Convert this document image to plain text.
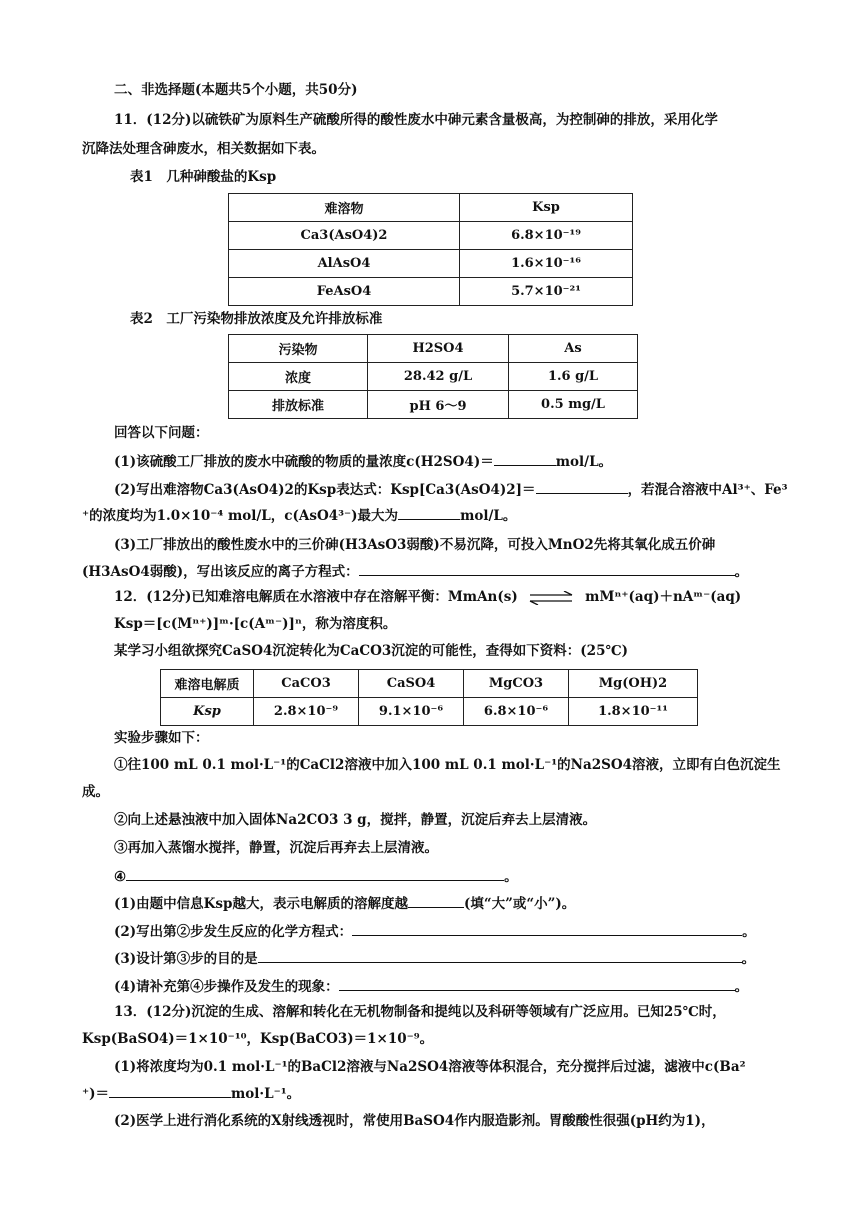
二、非选择题(本题共5个小题，共50分)
11．(12分)以硫铁矿为原料生产硫酸所得的酸性废水中砷元素含量极高，为控制砷的排放，采用化学
沉降法处理含砷废水，相关数据如下表。
表1　几种砷酸盐的Ksp
难溶物	Ksp
Ca3(AsO4)2	6.8×10⁻¹⁹
AlAsO4	1.6×10⁻¹⁶
FeAsO4	5.7×10⁻²¹
表2　工厂污染物排放浓度及允许排放标准
污染物	H2SO4	As
浓度	28.42 g/L	1.6 g/L
排放标准	pH 6～9	0.5 mg/L
回答以下问题：
(1)该硫酸工厂排放的废水中硫酸的物质的量浓度c(H2SO4)＝	mol/L。
(2)写出难溶物Ca3(AsO4)2的Ksp表达式：Ksp[Ca3(AsO4)2]＝	，若混合溶液中Al³⁺、Fe³
⁺的浓度均为1.0×10⁻⁴ mol/L，c(AsO4³⁻)最大为	mol/L。
(3)工厂排放出的酸性废水中的三价砷(H3AsO3弱酸)不易沉降，可投入MnO2先将其氧化成五价砷
(H3AsO4弱酸)，写出该反应的离子方程式：	。
12．(12分)已知难溶电解质在水溶液中存在溶解平衡：MmAn(s) ⇌ mMⁿ⁺(aq)＋nAᵐ⁻(aq)
Ksp＝[c(Mⁿ⁺)]ᵐ·[c(Aᵐ⁻)]ⁿ，称为溶度积。
某学习小组欲探究CaSO4沉淀转化为CaCO3沉淀的可能性，查得如下资料：(25℃)
难溶电解质	CaCO3	CaSO4	MgCO3	Mg(OH)2
Ksp	2.8×10⁻⁹	9.1×10⁻⁶	6.8×10⁻⁶	1.8×10⁻¹¹
实验步骤如下：
①往100 mL 0.1 mol·L⁻¹的CaCl2溶液中加入100 mL 0.1 mol·L⁻¹的Na2SO4溶液，立即有白色沉淀生
成。
②向上述悬浊液中加入固体Na2CO3 3 g，搅拌，静置，沉淀后弃去上层清液。
③再加入蒸馏水搅拌，静置，沉淀后再弃去上层清液。
④	。
(1)由题中信息Ksp越大，表示电解质的溶解度越	(填“大”或“小”)。
(2)写出第②步发生反应的化学方程式：	。
(3)设计第③步的目的是	。
(4)请补充第④步操作及发生的现象：	。
13．(12分)沉淀的生成、溶解和转化在无机物制备和提纯以及科研等领域有广泛应用。已知25℃时，
Ksp(BaSO4)＝1×10⁻¹⁰，Ksp(BaCO3)＝1×10⁻⁹。
(1)将浓度均为0.1 mol·L⁻¹的BaCl2溶液与Na2SO4溶液等体积混合，充分搅拌后过滤，滤液中c(Ba²
⁺)＝	mol·L⁻¹。
(2)医学上进行消化系统的X射线透视时，常使用BaSO4作内服造影剂。胃酸酸性很强(pH约为1)，
